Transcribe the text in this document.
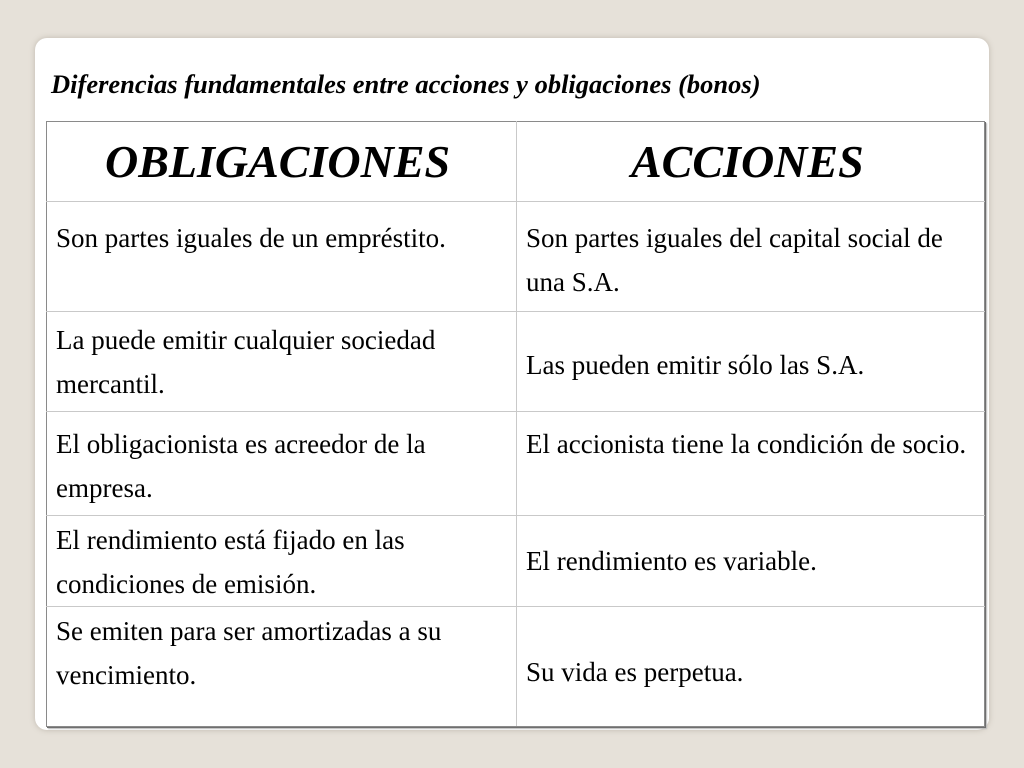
Diferencias fundamentales entre acciones y obligaciones (bonos)
OBLIGACIONES	ACCIONES
Son partes iguales de un empréstito.	Son partes iguales del capital social de una S.A.
La puede emitir cualquier sociedad mercantil.	Las pueden emitir sólo las S.A.
El obligacionista es acreedor de la empresa.	El accionista tiene la condición de socio.
El rendimiento está fijado en las condiciones de emisión.	El rendimiento es variable.
Se emiten para ser amortizadas a su vencimiento.	Su vida es perpetua.
